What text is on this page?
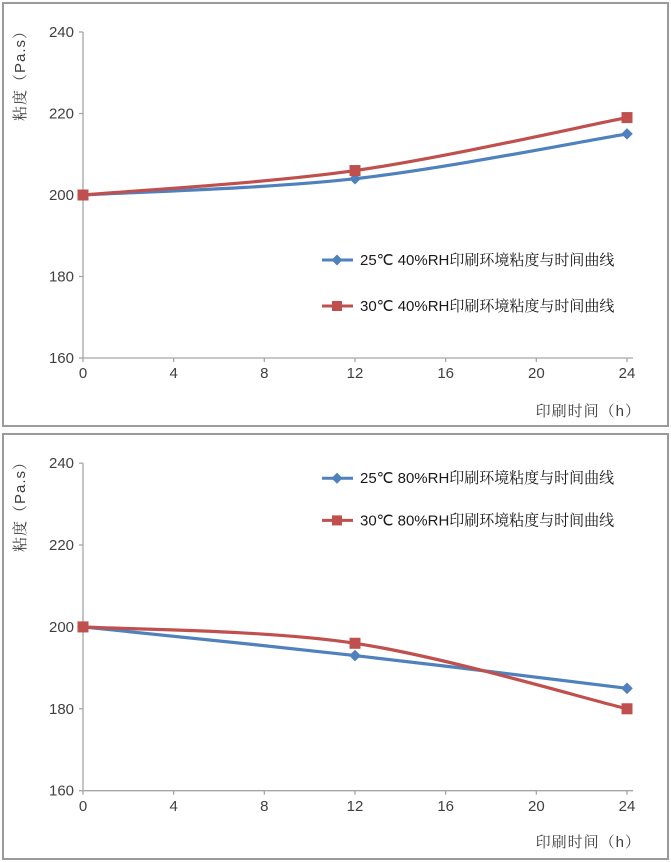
160
180
200
220
240
0	4	8	12	16	20	24
25℃ 40%RH印刷环境粘度与时间曲线
30℃ 40%RH印刷环境粘度与时间曲线
粘度（Pa.s）
印刷时间（h）
160
180
200
220
240
0	4	8	12	16	20	24
25℃ 80%RH印刷环境粘度与时间曲线
30℃ 80%RH印刷环境粘度与时间曲线
粘度（Pa.s）
印刷时间（h）
